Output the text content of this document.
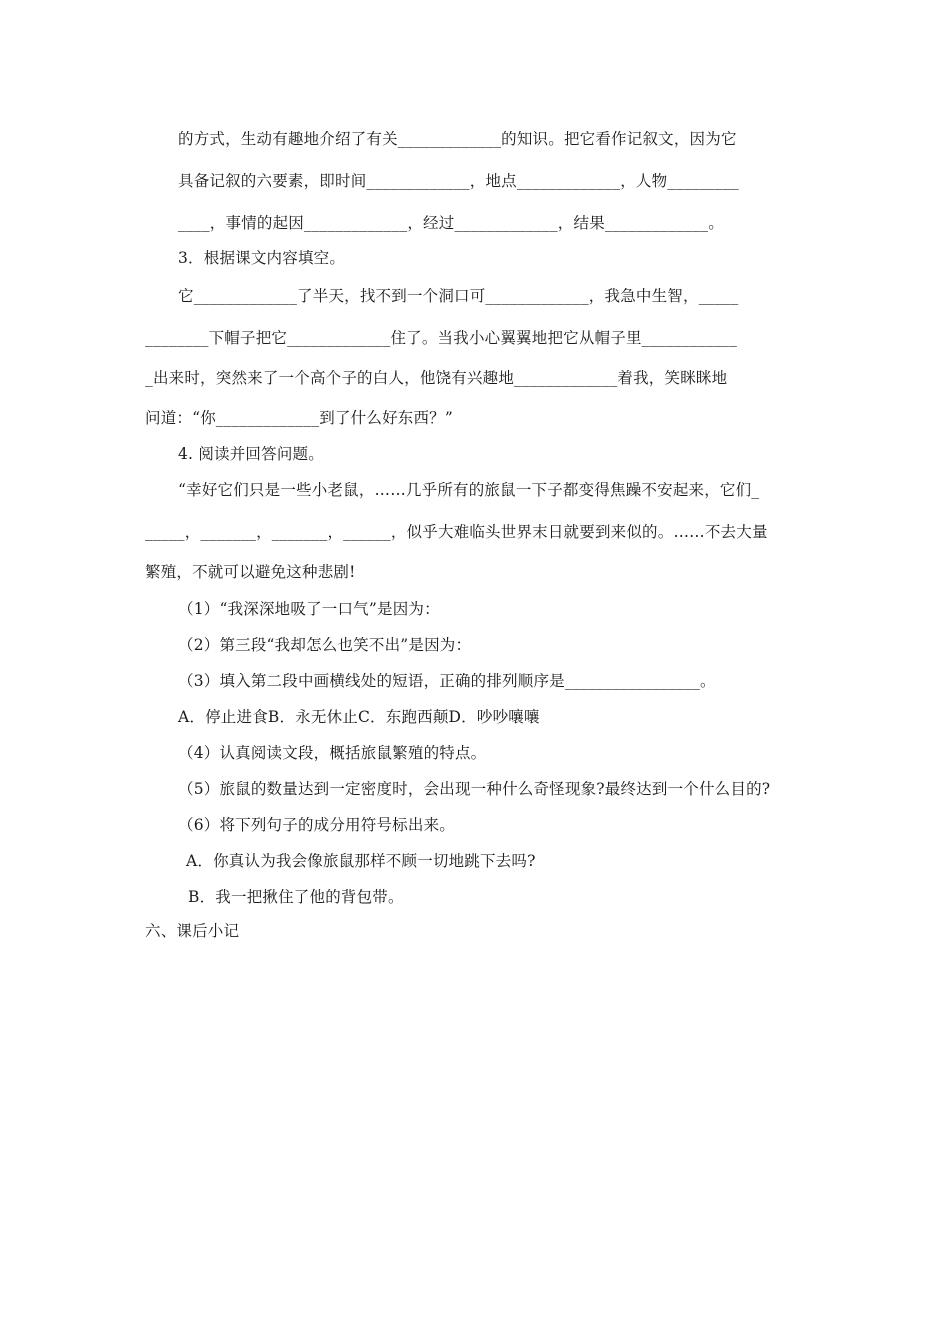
的方式，生动有趣地介绍了有关_____________的知识。把它看作记叙文，因为它
具备记叙的六要素，即时间_____________，地点_____________，人物_________
____，事情的起因_____________，经过_____________，结果_____________。
3．根据课文内容填空。
它_____________了半天，找不到一个洞口可_____________，我急中生智，_____
________下帽子把它_____________住了。当我小心翼翼地把它从帽子里____________
_出来时，突然来了一个高个子的白人，他饶有兴趣地_____________着我，笑眯眯地
问道：“你_____________到了什么好东西？”
4. 阅读并回答问题。
“幸好它们只是一些小老鼠，……几乎所有的旅鼠一下子都变得焦躁不安起来，它们_
_____，_______，_______，______，似乎大难临头世界末日就要到来似的。……不去大量
繁殖，不就可以避免这种悲剧!
（1）“我深深地吸了一口气”是因为：
（2）第三段“我却怎么也笑不出”是因为：
（3）填入第二段中画横线处的短语，正确的排列顺序是_________________。
A．停止进食B．永无休止C．东跑西颠D．吵吵嚷嚷
（4）认真阅读文段，概括旅鼠繁殖的特点。
（5）旅鼠的数量达到一定密度时，会出现一种什么奇怪现象?最终达到一个什么目的?
（6）将下列句子的成分用符号标出来。
A．你真认为我会像旅鼠那样不顾一切地跳下去吗?
B．我一把揪住了他的背包带。
六、课后小记
